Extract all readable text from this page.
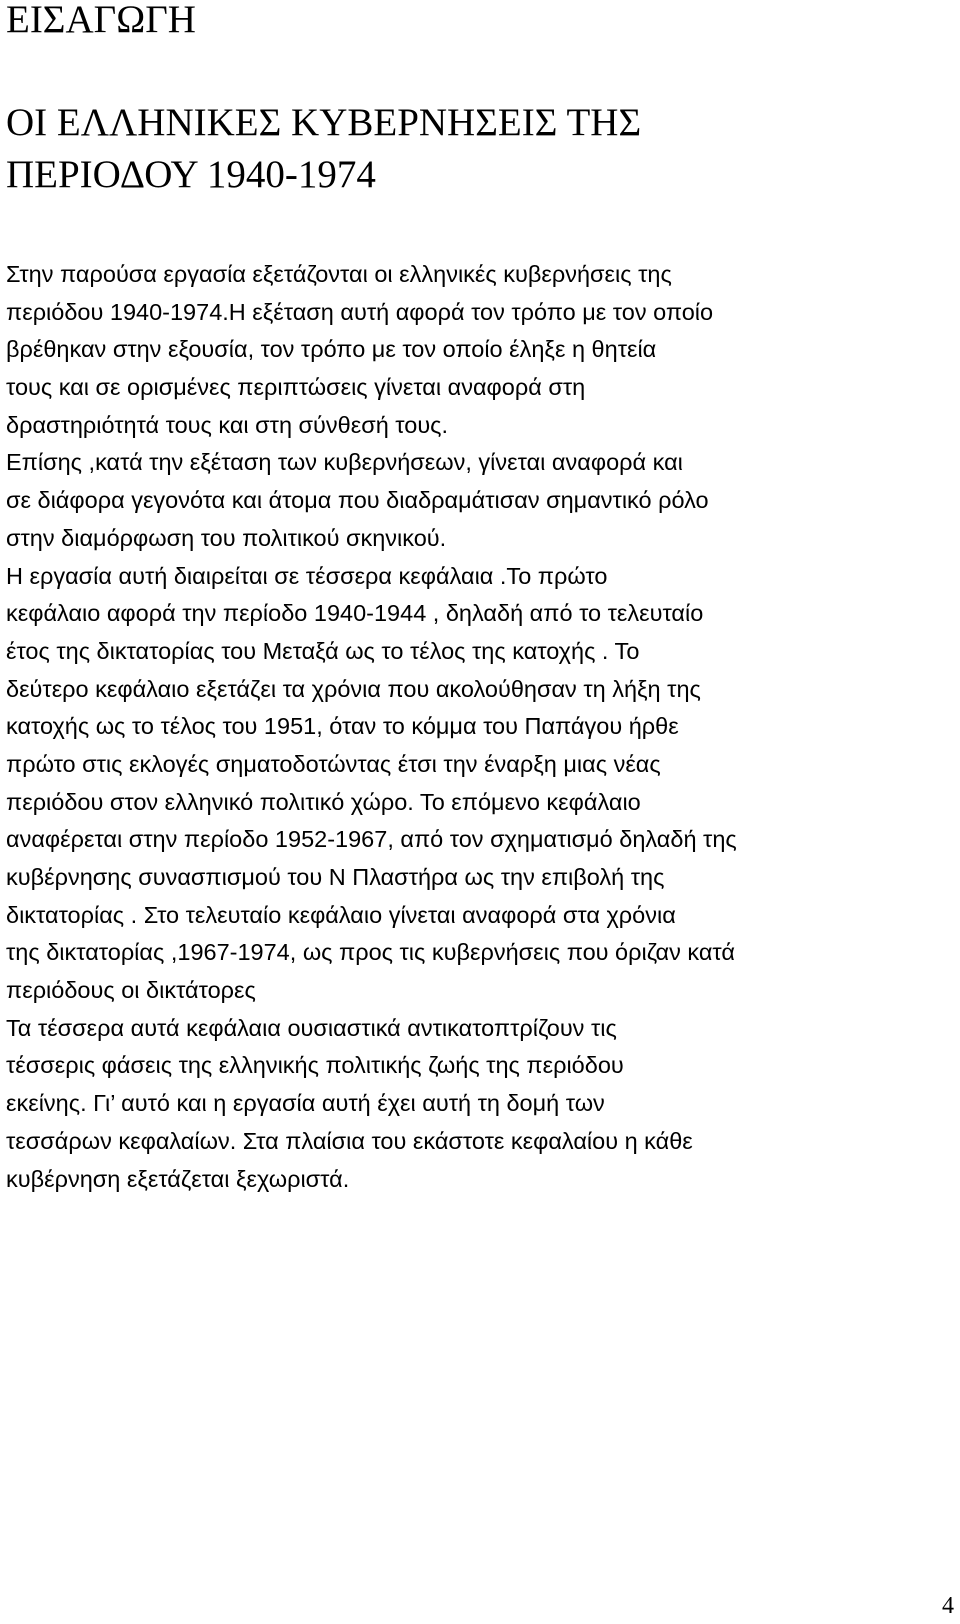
ΕΙΣΑΓΩΓΗ
ΟΙ ΕΛΛΗΝΙΚΕΣ ΚΥΒΕΡΝΗΣΕΙΣ ΤΗΣ
ΠΕΡΙΟΔΟΥ 1940-1974
Στην παρούσα εργασία εξετάζονται οι ελληνικές κυβερνήσεις της
περιόδου 1940-1974.Η εξέταση αυτή αφορά τον τρόπο με τον οποίο
βρέθηκαν στην εξουσία, τον τρόπο με τον οποίο έληξε η θητεία
τους και σε ορισμένες περιπτώσεις γίνεται αναφορά στη
δραστηριότητά τους και στη σύνθεσή τους.
Επίσης ,κατά την εξέταση των κυβερνήσεων, γίνεται αναφορά και
σε διάφορα γεγονότα και άτομα που διαδραμάτισαν σημαντικό ρόλο
στην διαμόρφωση του πολιτικού σκηνικού.
Η εργασία αυτή διαιρείται σε τέσσερα κεφάλαια .Το πρώτο
κεφάλαιο αφορά την περίοδο 1940-1944 , δηλαδή από το τελευταίο
έτος της δικτατορίας του Μεταξά ως το τέλος της κατοχής . Το
δεύτερο κεφάλαιο εξετάζει τα χρόνια που ακολούθησαν τη λήξη της
κατοχής ως το τέλος του 1951, όταν το κόμμα του Παπάγου ήρθε
πρώτο στις εκλογές σηματοδοτώντας έτσι την έναρξη μιας νέας
περιόδου στον ελληνικό πολιτικό χώρο. Το επόμενο κεφάλαιο
αναφέρεται στην περίοδο 1952-1967, από τον σχηματισμό δηλαδή της
κυβέρνησης συνασπισμού του Ν Πλαστήρα ως την επιβολή της
δικτατορίας . Στο τελευταίο κεφάλαιο γίνεται αναφορά στα χρόνια
της δικτατορίας ,1967-1974, ως προς τις κυβερνήσεις που όριζαν κατά
περιόδους οι δικτάτορες
Τα τέσσερα αυτά κεφάλαια ουσιαστικά αντικατοπτρίζουν τις
τέσσερις φάσεις της ελληνικής πολιτικής ζωής της περιόδου
εκείνης. Γι’ αυτό και η εργασία αυτή έχει αυτή τη δομή των
τεσσάρων κεφαλαίων. Στα πλαίσια του εκάστοτε κεφαλαίου η κάθε
κυβέρνηση εξετάζεται ξεχωριστά.
4
